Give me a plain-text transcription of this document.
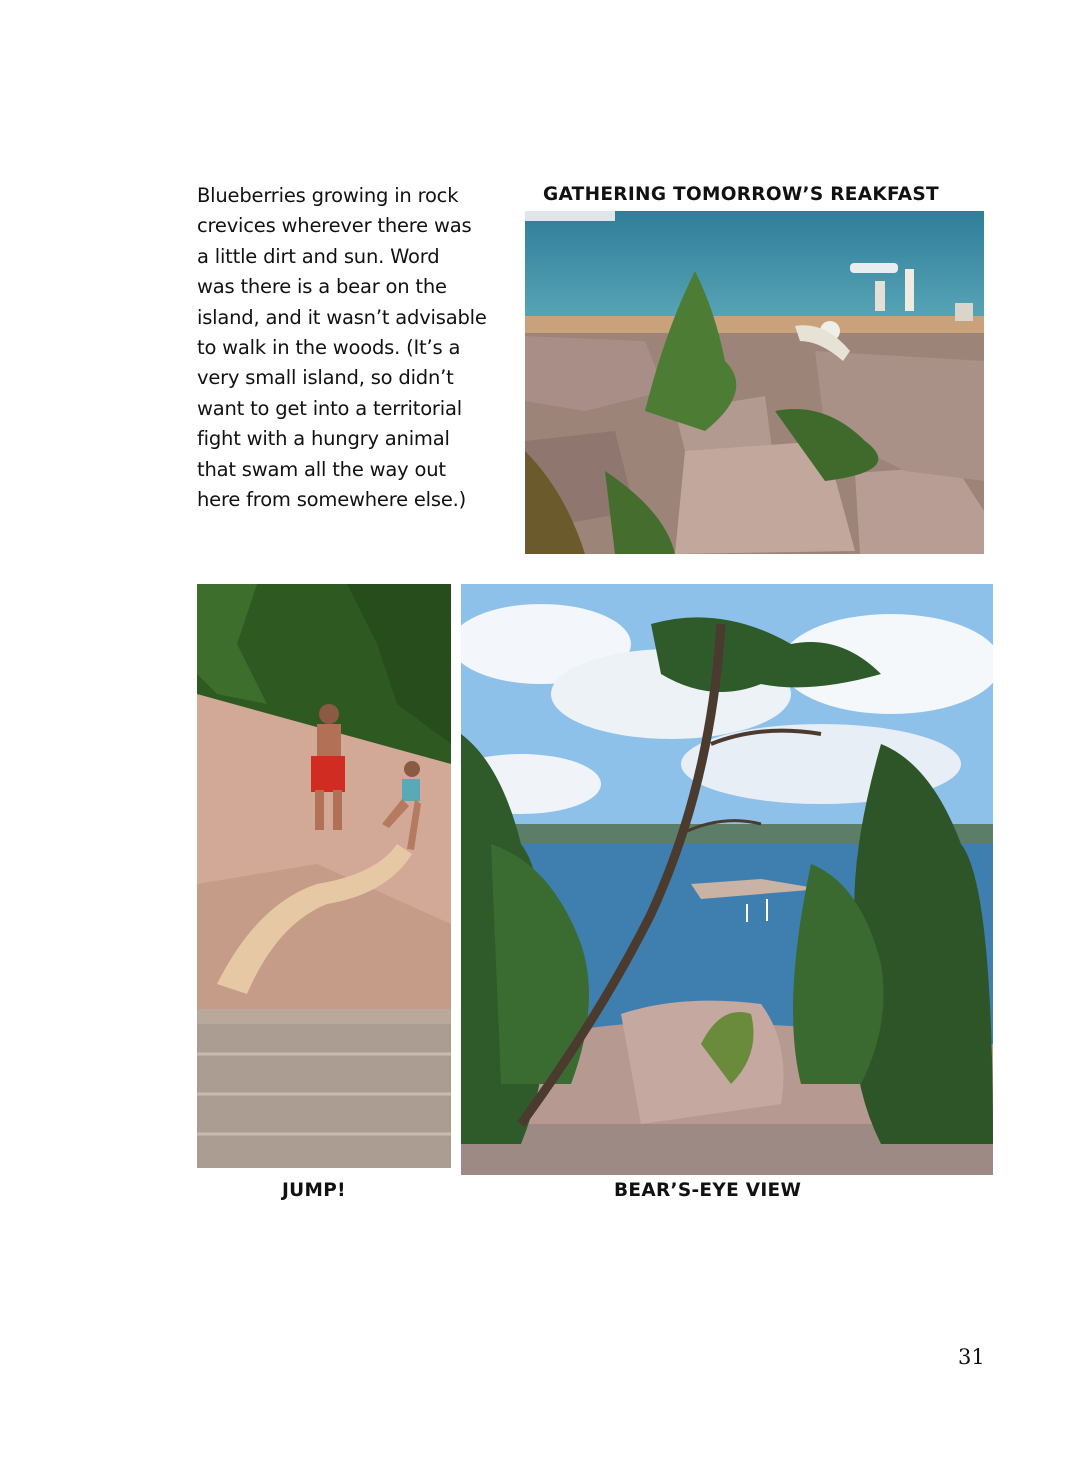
Blueberries growing in rock
crevices wherever there was
a little dirt and sun. Word
was there is a bear on the
island, and it wasn’t advisable
to walk in the woods. (It’s a
very small island, so didn’t
want to get into a territorial
fight with a hungry animal
that swam all the way out
here from somewhere else.)

GATHERING TOMORROW’S REAKFAST

JUMP!	BEAR’S-EYE VIEW

31
